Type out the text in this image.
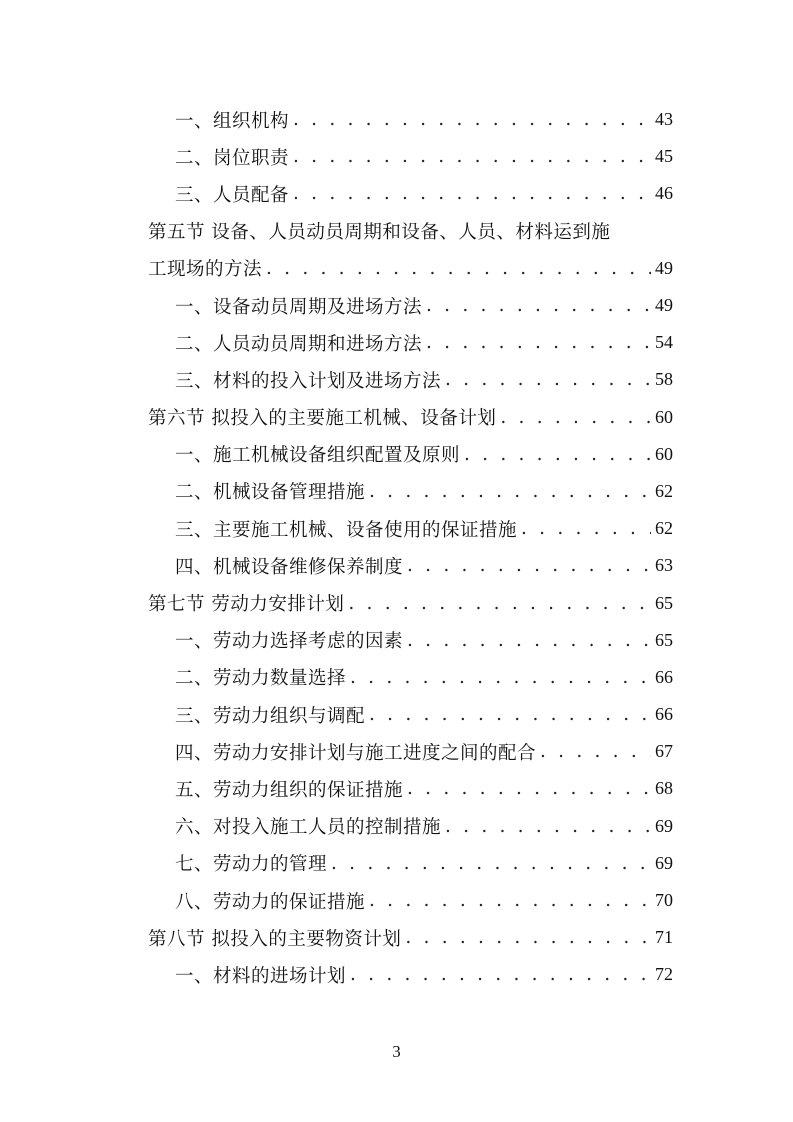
一、组织机构 . . .	43
二、岗位职责 . . .	45
三、人员配备 . . .	46
第五节 设备、人员动员周期和设备、人员、材料运到施
工现场的方法 . . .	49
一、设备动员周期及进场方法 . . .	49
二、人员动员周期和进场方法 . . .	54
三、材料的投入计划及进场方法 . . .	58
第六节 拟投入的主要施工机械、设备计划 . . .	60
一、施工机械设备组织配置及原则 . . .	60
二、机械设备管理措施 . . .	62
三、主要施工机械、设备使用的保证措施 . . .	62
四、机械设备维修保养制度 . . .	63
第七节 劳动力安排计划 . . .	65
一、劳动力选择考虑的因素 . . .	65
二、劳动力数量选择 . . .	66
三、劳动力组织与调配 . . .	66
四、劳动力安排计划与施工进度之间的配合 . . .	67
五、劳动力组织的保证措施 . . .	68
六、对投入施工人员的控制措施 . . .	69
七、劳动力的管理 . . .	69
八、劳动力的保证措施 . . .	70
第八节 拟投入的主要物资计划 . . .	71
一、材料的进场计划 . . .	72
3
